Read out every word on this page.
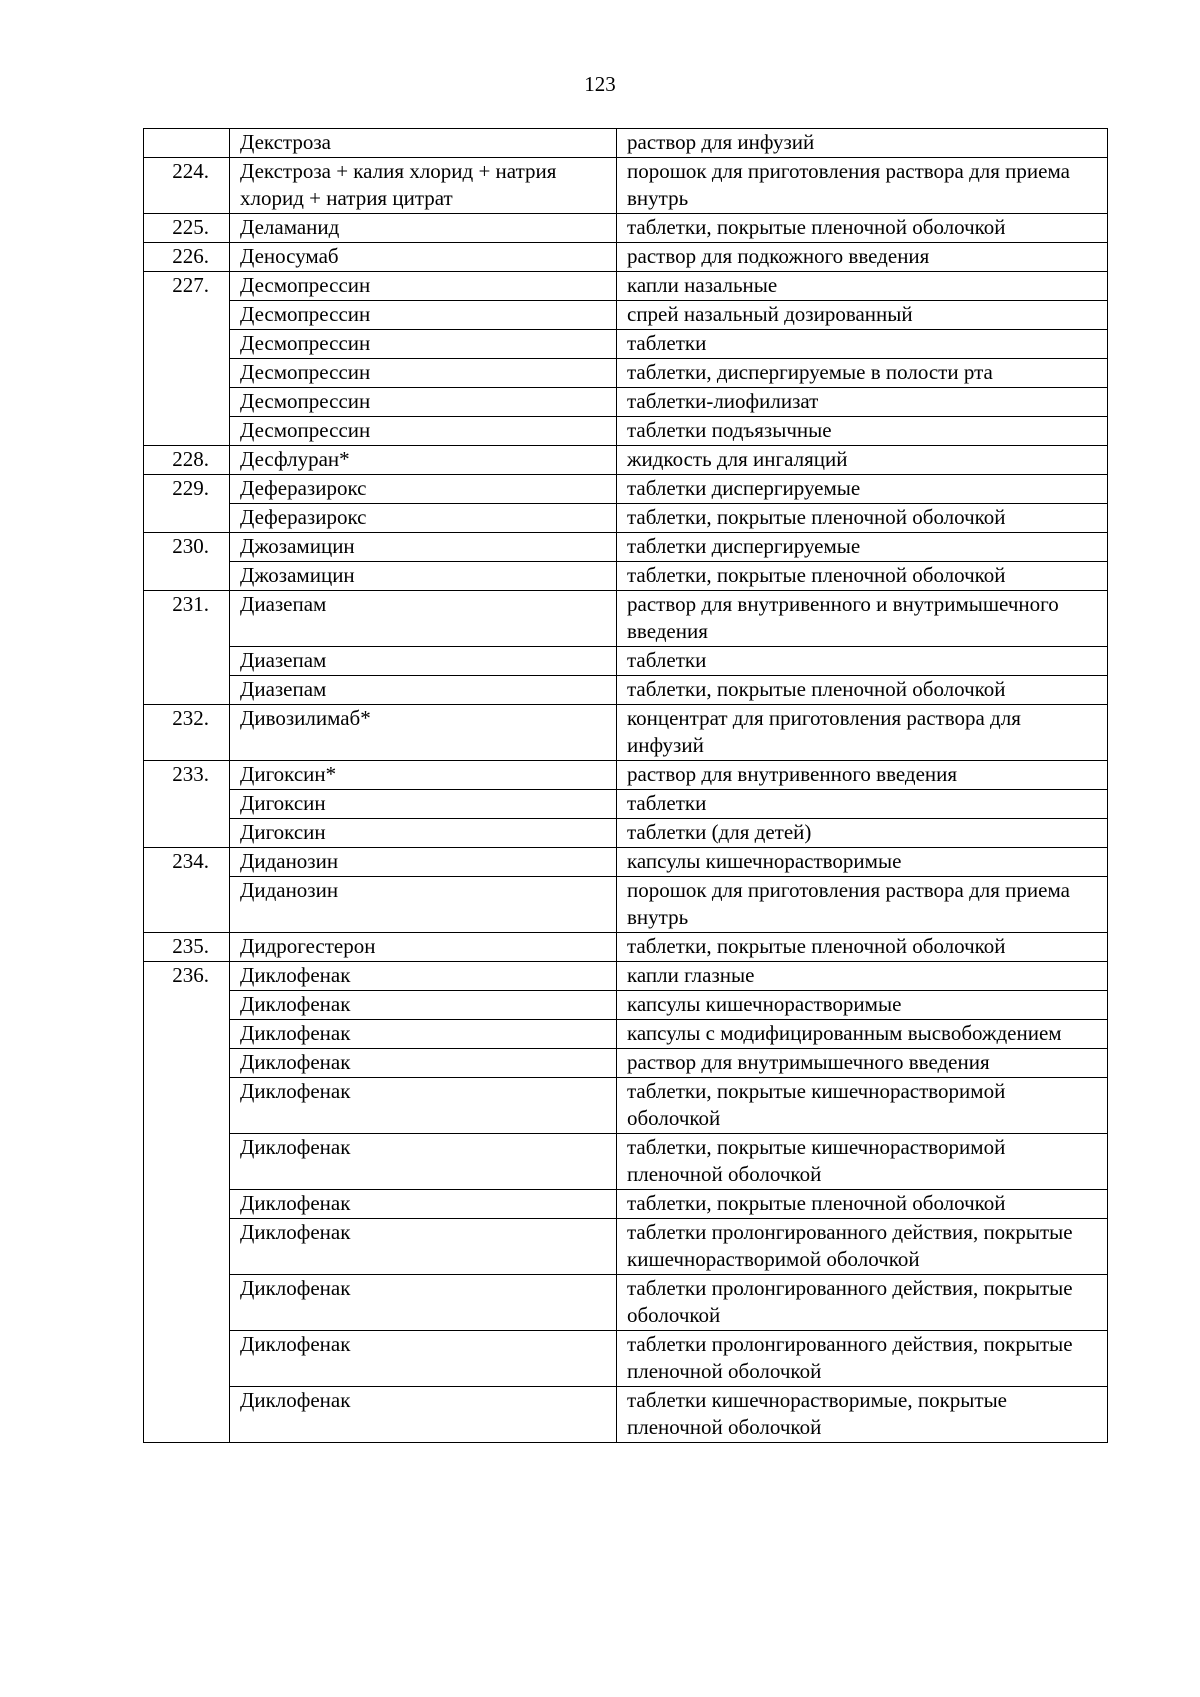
123
	Декстроза	раствор для инфузий
224.	Декстроза + калия хлорид + натрия хлорид + натрия цитрат	порошок для приготовления раствора для приема внутрь
225.	Деламанид	таблетки, покрытые пленочной оболочкой
226.	Деносумаб	раствор для подкожного введения
227.	Десмопрессин	капли назальные
	Десмопрессин	спрей назальный дозированный
	Десмопрессин	таблетки
	Десмопрессин	таблетки, диспергируемые в полости рта
	Десмопрессин	таблетки-лиофилизат
	Десмопрессин	таблетки подъязычные
228.	Десфлуран*	жидкость для ингаляций
229.	Деферазирокс	таблетки диспергируемые
	Деферазирокс	таблетки, покрытые пленочной оболочкой
230.	Джозамицин	таблетки диспергируемые
	Джозамицин	таблетки, покрытые пленочной оболочкой
231.	Диазепам	раствор для внутривенного и внутримышечного введения
	Диазепам	таблетки
	Диазепам	таблетки, покрытые пленочной оболочкой
232.	Дивозилимаб*	концентрат для приготовления раствора для инфузий
233.	Дигоксин*	раствор для внутривенного введения
	Дигоксин	таблетки
	Дигоксин	таблетки (для детей)
234.	Диданозин	капсулы кишечнорастворимые
	Диданозин	порошок для приготовления раствора для приема внутрь
235.	Дидрогестерон	таблетки, покрытые пленочной оболочкой
236.	Диклофенак	капли глазные
	Диклофенак	капсулы кишечнорастворимые
	Диклофенак	капсулы с модифицированным высвобождением
	Диклофенак	раствор для внутримышечного введения
	Диклофенак	таблетки, покрытые кишечнорастворимой оболочкой
	Диклофенак	таблетки, покрытые кишечнорастворимой пленочной оболочкой
	Диклофенак	таблетки, покрытые пленочной оболочкой
	Диклофенак	таблетки пролонгированного действия, покрытые кишечнорастворимой оболочкой
	Диклофенак	таблетки пролонгированного действия, покрытые оболочкой
	Диклофенак	таблетки пролонгированного действия, покрытые пленочной оболочкой
	Диклофенак	таблетки кишечнорастворимые, покрытые пленочной оболочкой
